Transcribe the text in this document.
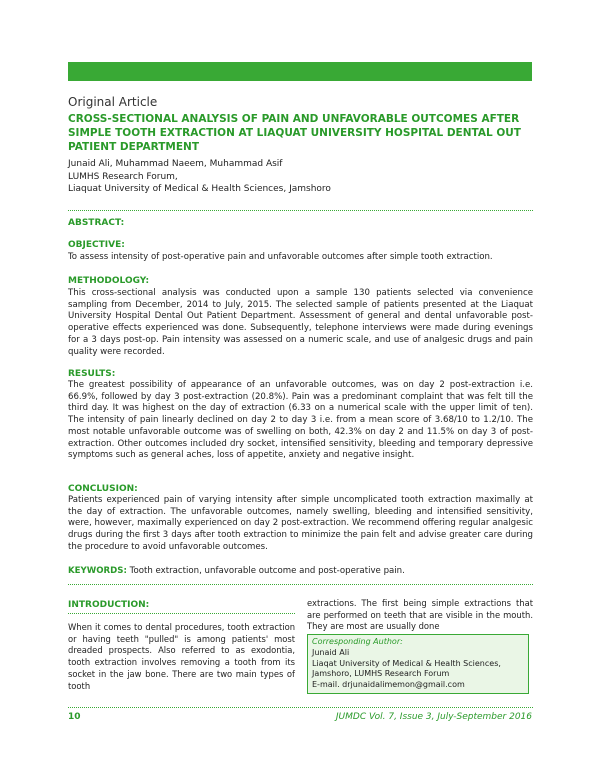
Original Article
CROSS-SECTIONAL ANALYSIS OF PAIN AND UNFAVORABLE OUTCOMES AFTER SIMPLE TOOTH EXTRACTION AT LIAQUAT UNIVERSITY HOSPITAL DENTAL OUT PATIENT DEPARTMENT
Junaid Ali, Muhammad Naeem, Muhammad Asif
LUMHS Research Forum,
Liaquat University of Medical & Health Sciences, Jamshoro
ABSTRACT:
OBJECTIVE:
To assess intensity of post-operative pain and unfavorable outcomes after simple tooth extraction.
METHODOLOGY:
This cross-sectional analysis was conducted upon a sample 130 patients selected via convenience sampling from December, 2014 to July, 2015. The selected sample of patients presented at the Liaquat University Hospital Dental Out Patient Department. Assessment of general and dental unfavorable post-operative effects experienced was done. Subsequently, telephone interviews were made during evenings for a 3 days post-op. Pain intensity was assessed on a numeric scale, and use of analgesic drugs and pain quality were recorded.
RESULTS:
The greatest possibility of appearance of an unfavorable outcomes, was on day 2 post-extraction i.e. 66.9%, followed by day 3 post-extraction (20.8%). Pain was a predominant complaint that was felt till the third day. It was highest on the day of extraction (6.33 on a numerical scale with the upper limit of ten). The intensity of pain linearly declined on day 2 to day 3 i.e. from a mean score of 3.68/10 to 1.2/10. The most notable unfavorable outcome was of swelling on both, 42.3% on day 2 and 11.5% on day 3 of post-extraction. Other outcomes included dry socket, intensified sensitivity, bleeding and temporary depressive symptoms such as general aches, loss of appetite, anxiety and negative insight.
CONCLUSION:
Patients experienced pain of varying intensity after simple uncomplicated tooth extraction maximally at the day of extraction. The unfavorable outcomes, namely swelling, bleeding and intensified sensitivity, were, however, maximally experienced on day 2 post-extraction. We recommend offering regular analgesic drugs during the first 3 days after tooth extraction to minimize the pain felt and advise greater care during the procedure to avoid unfavorable outcomes.
KEYWORDS: Tooth extraction, unfavorable outcome and post-operative pain.
INTRODUCTION:
When it comes to dental procedures, tooth extraction or having teeth "pulled" is among patients' most dreaded prospects. Also referred to as exodontia, tooth extraction involves removing a tooth from its socket in the jaw bone. There are two main types of tooth
extractions. The first being simple extractions that are performed on teeth that are visible in the mouth. They are most are usually done
Corresponding Author:
Junaid Ali
Liaqat University of Medical & Health Sciences,
Jamshoro, LUMHS Research Forum
E-mail. drjunaidalimemon@gmail.com
10	JUMDC Vol. 7, Issue 3, July-September 2016
